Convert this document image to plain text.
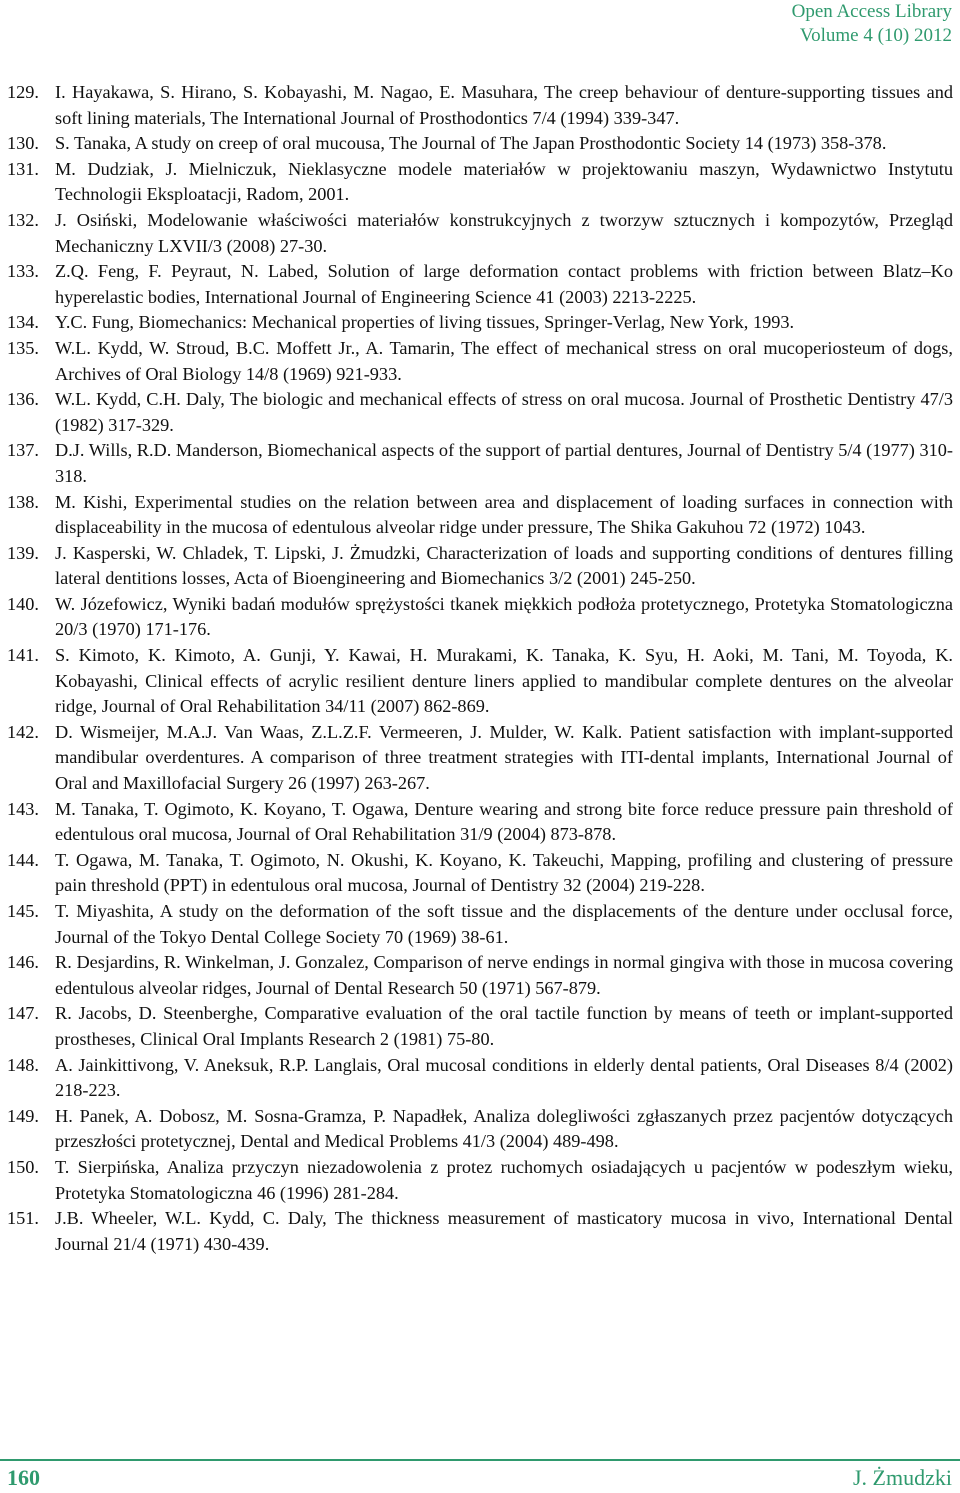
Open Access Library
Volume 4 (10) 2012
129. I. Hayakawa, S. Hirano, S. Kobayashi, M. Nagao, E. Masuhara, The creep behaviour of denture-supporting tissues and soft lining materials, The International Journal of Prosthodontics 7/4 (1994) 339-347.
130. S. Tanaka, A study on creep of oral mucousa, The Journal of The Japan Prosthodontic Society 14 (1973) 358-378.
131. M. Dudziak, J. Mielniczuk, Nieklasyczne modele materiałów w projektowaniu maszyn, Wydawnictwo Instytutu Technologii Eksploatacji, Radom, 2001.
132. J. Osiński, Modelowanie właściwości materiałów konstrukcyjnych z tworzyw sztucznych i kompozytów, Przegląd Mechaniczny LXVII/3 (2008) 27-30.
133. Z.Q. Feng, F. Peyraut, N. Labed, Solution of large deformation contact problems with friction between Blatz–Ko hyperelastic bodies, International Journal of Engineering Science 41 (2003) 2213-2225.
134. Y.C. Fung, Biomechanics: Mechanical properties of living tissues, Springer-Verlag, New York, 1993.
135. W.L. Kydd, W. Stroud, B.C. Moffett Jr., A. Tamarin, The effect of mechanical stress on oral mucoperiosteum of dogs, Archives of Oral Biology 14/8 (1969) 921-933.
136. W.L. Kydd, C.H. Daly, The biologic and mechanical effects of stress on oral mucosa. Journal of Prosthetic Dentistry 47/3 (1982) 317-329.
137. D.J. Wills, R.D. Manderson, Biomechanical aspects of the support of partial dentures, Journal of Dentistry 5/4 (1977) 310-318.
138. M. Kishi, Experimental studies on the relation between area and displacement of loading surfaces in connection with displaceability in the mucosa of edentulous alveolar ridge under pressure, The Shika Gakuhou 72 (1972) 1043.
139. J. Kasperski, W. Chladek, T. Lipski, J. Żmudzki, Characterization of loads and supporting conditions of dentures filling lateral dentitions losses, Acta of Bioengineering and Biomechanics 3/2 (2001) 245-250.
140. W. Józefowicz, Wyniki badań modułów sprężystości tkanek miękkich podłoża protetycznego, Protetyka Stomatologiczna 20/3 (1970) 171-176.
141. S. Kimoto, K. Kimoto, A. Gunji, Y. Kawai, H. Murakami, K. Tanaka, K. Syu, H. Aoki, M. Tani, M. Toyoda, K. Kobayashi, Clinical effects of acrylic resilient denture liners applied to mandibular complete dentures on the alveolar ridge, Journal of Oral Rehabilitation 34/11 (2007) 862-869.
142. D. Wismeijer, M.A.J. Van Waas, Z.L.Z.F. Vermeeren, J. Mulder, W. Kalk. Patient satisfaction with implant-supported mandibular overdentures. A comparison of three treatment strategies with ITI-dental implants, International Journal of Oral and Maxillofacial Surgery 26 (1997) 263-267.
143. M. Tanaka, T. Ogimoto, K. Koyano, T. Ogawa, Denture wearing and strong bite force reduce pressure pain threshold of edentulous oral mucosa, Journal of Oral Rehabilitation 31/9 (2004) 873-878.
144. T. Ogawa, M. Tanaka, T. Ogimoto, N. Okushi, K. Koyano, K. Takeuchi, Mapping, profiling and clustering of pressure pain threshold (PPT) in edentulous oral mucosa, Journal of Dentistry 32 (2004) 219-228.
145. T. Miyashita, A study on the deformation of the soft tissue and the displacements of the denture under occlusal force, Journal of the Tokyo Dental College Society 70 (1969) 38-61.
146. R. Desjardins, R. Winkelman, J. Gonzalez, Comparison of nerve endings in normal gingiva with those in mucosa covering edentulous alveolar ridges, Journal of Dental Research 50 (1971) 567-879.
147. R. Jacobs, D. Steenberghe, Comparative evaluation of the oral tactile function by means of teeth or implant-supported prostheses, Clinical Oral Implants Research 2 (1981) 75-80.
148. A. Jainkittivong, V. Aneksuk, R.P. Langlais, Oral mucosal conditions in elderly dental patients, Oral Diseases 8/4 (2002) 218-223.
149. H. Panek, A. Dobosz, M. Sosna-Gramza, P. Napadłek, Analiza dolegliwości zgłaszanych przez pacjentów dotyczących przeszłości protetycznej, Dental and Medical Problems 41/3 (2004) 489-498.
150. T. Sierpińska, Analiza przyczyn niezadowolenia z protez ruchomych osiadających u pacjentów w podeszłym wieku, Protetyka Stomatologiczna 46 (1996) 281-284.
151. J.B. Wheeler, W.L. Kydd, C. Daly, The thickness measurement of masticatory mucosa in vivo, International Dental Journal 21/4 (1971) 430-439.
160	J. Żmudzki
